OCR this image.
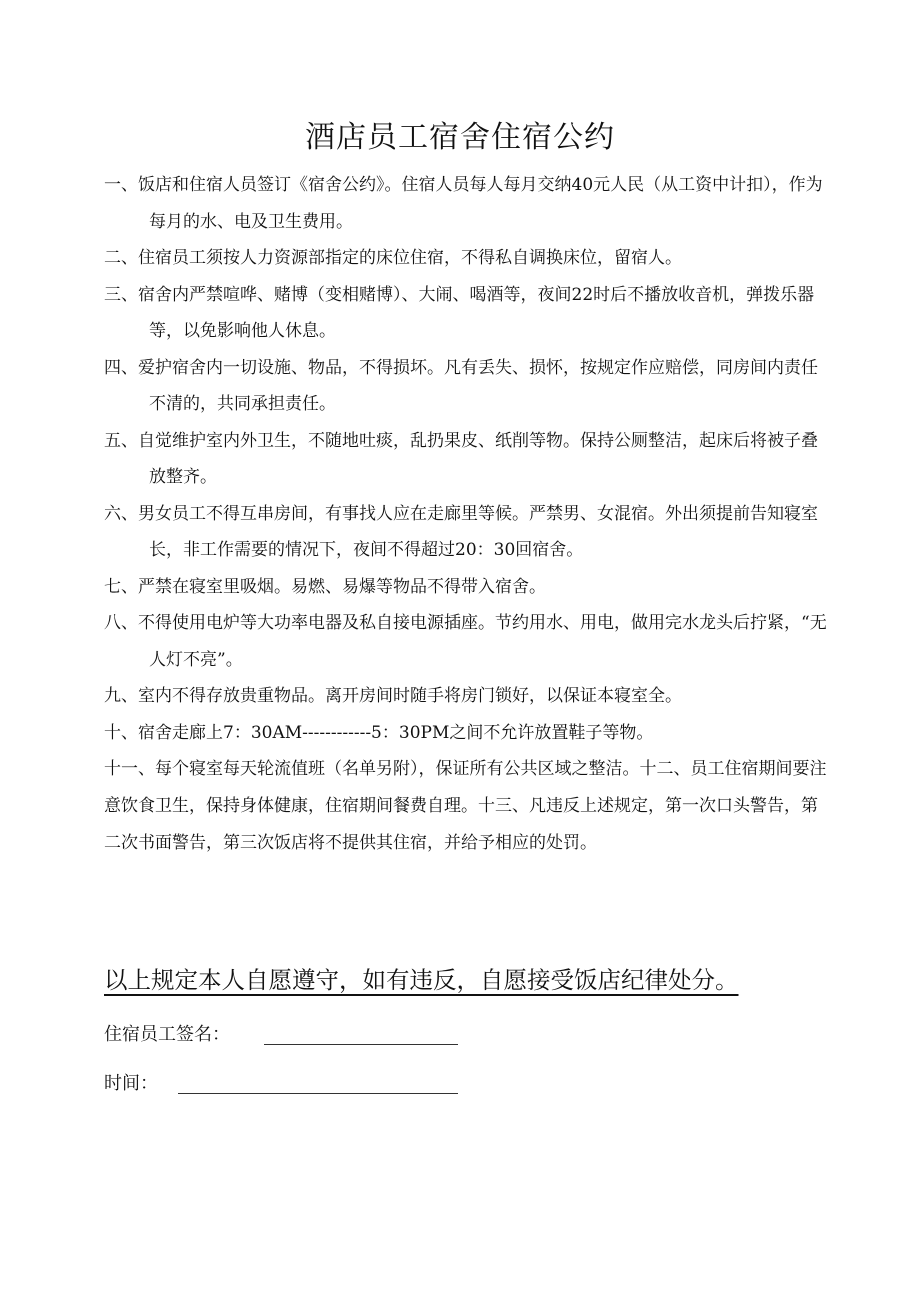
酒店员工宿舍住宿公约

一、饭店和住宿人员签订《宿舍公约》。住宿人员每人每月交纳40元人民（从工资中计扣），作为每月的水、电及卫生费用。

二、住宿员工须按人力资源部指定的床位住宿，不得私自调换床位，留宿人。

三、宿舍内严禁喧哗、赌博（变相赌博）、大闹、喝酒等，夜间22时后不播放收音机，弹拨乐器等，以免影响他人休息。

四、爱护宿舍内一切设施、物品，不得损坏。凡有丢失、损怀，按规定作应赔偿，同房间内责任不清的，共同承担责任。

五、自觉维护室内外卫生，不随地吐痰，乱扔果皮、纸削等物。保持公厕整洁，起床后将被子叠放整齐。

六、男女员工不得互串房间，有事找人应在走廊里等候。严禁男、女混宿。外出须提前告知寝室长，非工作需要的情况下，夜间不得超过20：30回宿舍。

七、严禁在寝室里吸烟。易燃、易爆等物品不得带入宿舍。

八、不得使用电炉等大功率电器及私自接电源插座。节约用水、用电，做用完水龙头后拧紧，“无人灯不亮”。

九、室内不得存放贵重物品。离开房间时随手将房门锁好，以保证本寝室全。

十、宿舍走廊上7：30AM------------5：30PM之间不允许放置鞋子等物。

十一、每个寝室每天轮流值班（名单另附），保证所有公共区域之整洁。十二、员工住宿期间要注意饮食卫生，保持身体健康，住宿期间餐费自理。十三、凡违反上述规定，第一次口头警告，第二次书面警告，第三次饭店将不提供其住宿，并给予相应的处罚。

以上规定本人自愿遵守，如有违反，自愿接受饭店纪律处分。
住宿员工签名：
时间：
